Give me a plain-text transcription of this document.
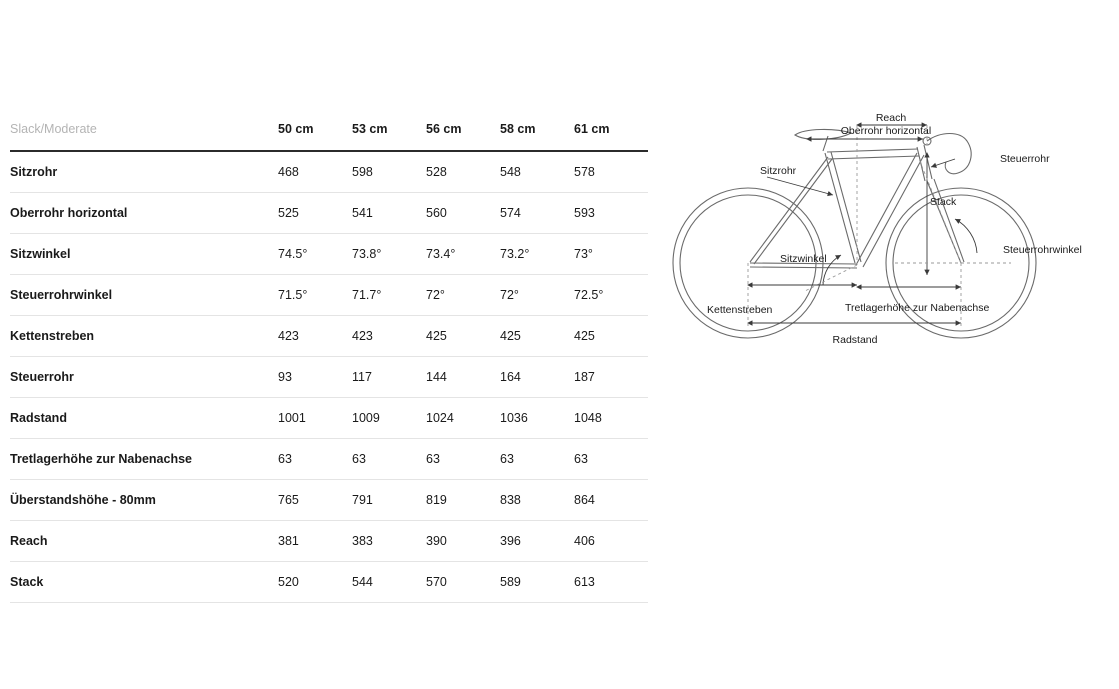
Slack/Moderate	50 cm	53 cm	56 cm	58 cm	61 cm
Sitzrohr	468	598	528	548	578
Oberrohr horizontal	525	541	560	574	593
Sitzwinkel	74.5°	73.8°	73.4°	73.2°	73°
Steuerrohrwinkel	71.5°	71.7°	72°	72°	72.5°
Kettenstreben	423	423	425	425	425
Steuerrohr	93	117	144	164	187
Radstand	1001	1009	1024	1036	1048
Tretlagerhöhe zur Nabenachse	63	63	63	63	63
Überstandshöhe - 80mm	765	791	819	838	864
Reach	381	383	390	396	406
Stack	520	544	570	589	613
Reach
Oberrohr horizontal
Steuerrohr
Sitzrohr
Stack
Sitzwinkel
Steuerrohrwinkel
Kettenstreben	Tretlagerhöhe zur Nabenachse
Radstand
